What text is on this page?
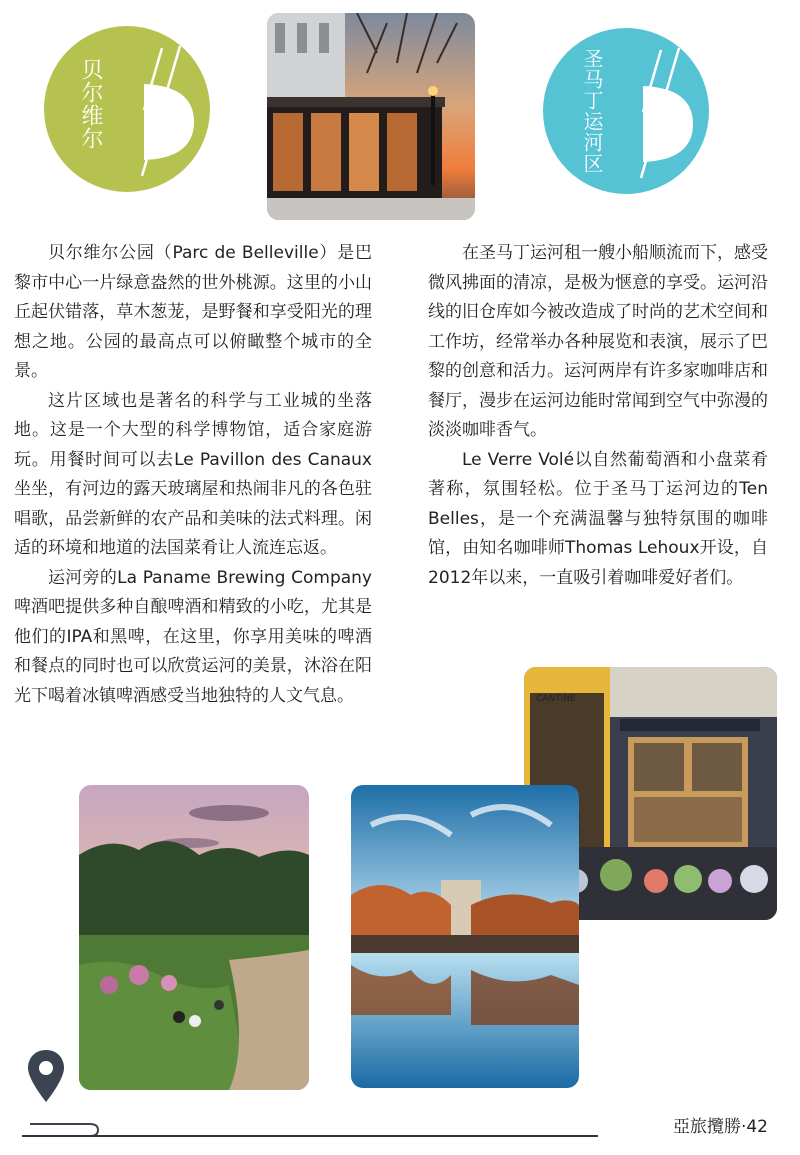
贝尔维尔	圣马丁运河区

贝尔维尔公园（Parc de Belleville）是巴黎市中心一片绿意盎然的世外桃源。这里的小山丘起伏错落，草木葱茏，是野餐和享受阳光的理想之地。公园的最高点可以俯瞰整个城市的全景。

这片区域也是著名的科学与工业城的坐落地。这是一个大型的科学博物馆，适合家庭游玩。用餐时间可以去Le Pavillon des Canaux坐坐，有河边的露天玻璃屋和热闹非凡的各色驻唱歌，品尝新鲜的农产品和美味的法式料理。闲适的环境和地道的法国菜肴让人流连忘返。

运河旁的La Paname Brewing Company啤酒吧提供多种自酿啤酒和精致的小吃，尤其是他们的IPA和黑啤，在这里，你享用美味的啤酒和餐点的同时也可以欣赏运河的美景，沐浴在阳光下喝着冰镇啤酒感受当地独特的人文气息。

在圣马丁运河租一艘小船顺流而下，感受微风拂面的清凉，是极为惬意的享受。运河沿线的旧仓库如今被改造成了时尚的艺术空间和工作坊，经常举办各种展览和表演，展示了巴黎的创意和活力。运河两岸有许多家咖啡店和餐厅，漫步在运河边能时常闻到空气中弥漫的淡淡咖啡香气。

Le Verre Volé以自然葡萄酒和小盘菜肴著称，氛围轻松。位于圣马丁运河边的Ten Belles，是一个充满温馨与独特氛围的咖啡馆，由知名咖啡师Thomas Lehoux开设，自2012年以来，一直吸引着咖啡爱好者们。

CANTINE
亞旅攬勝·42
